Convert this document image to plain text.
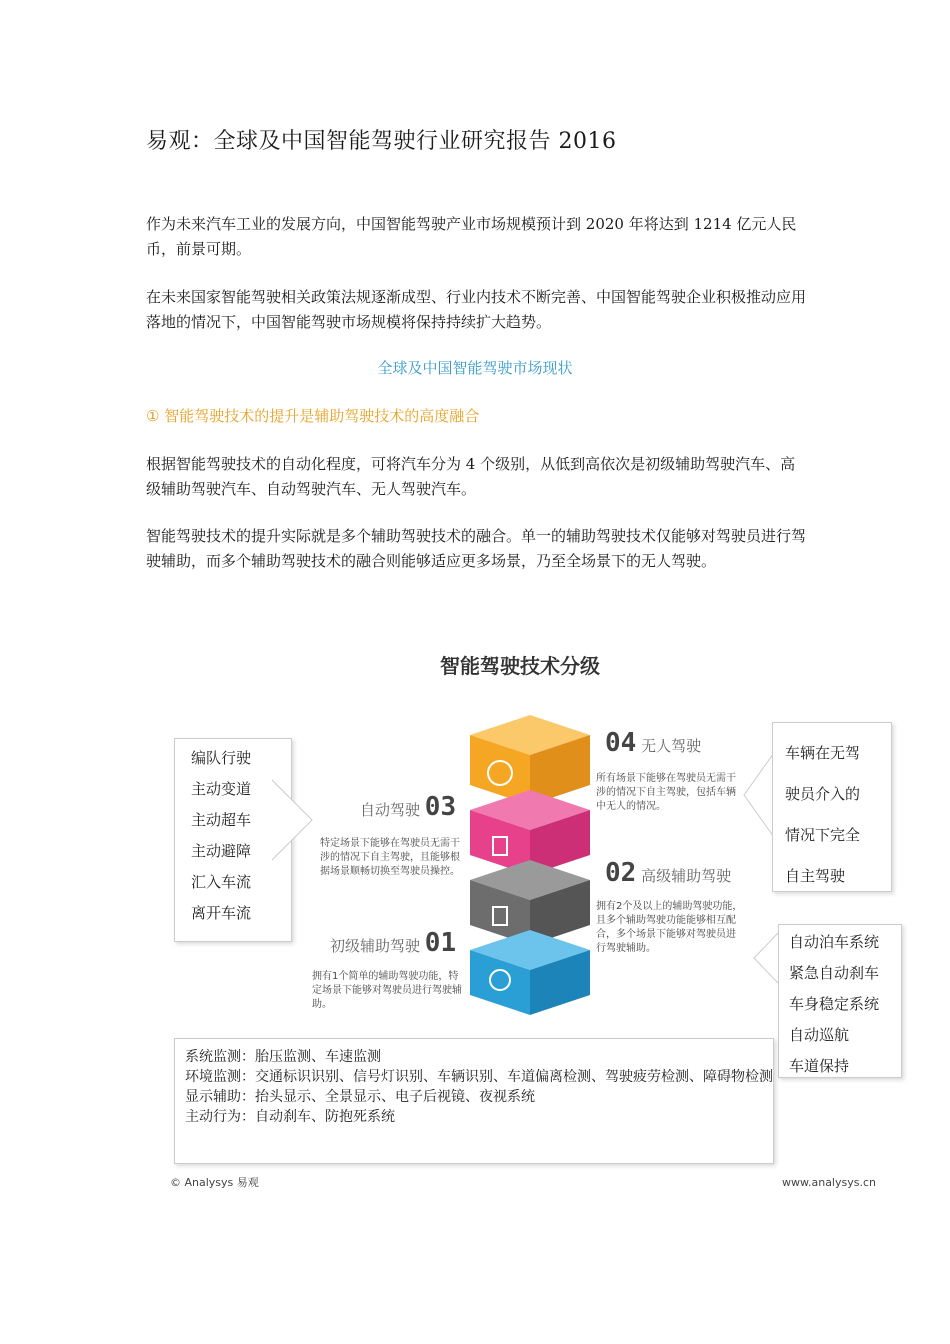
易观：全球及中国智能驾驶行业研究报告 2016
作为未来汽车工业的发展方向，中国智能驾驶产业市场规模预计到 2020 年将达到 1214 亿元人民币，前景可期。
在未来国家智能驾驶相关政策法规逐渐成型、行业内技术不断完善、中国智能驾驶企业积极推动应用落地的情况下，中国智能驾驶市场规模将保持持续扩大趋势。
全球及中国智能驾驶市场现状
① 智能驾驶技术的提升是辅助驾驶技术的高度融合
根据智能驾驶技术的自动化程度，可将汽车分为 4 个级别，从低到高依次是初级辅助驾驶汽车、高级辅助驾驶汽车、自动驾驶汽车、无人驾驶汽车。
智能驾驶技术的提升实际就是多个辅助驾驶技术的融合。单一的辅助驾驶技术仅能够对驾驶员进行驾驶辅助，而多个辅助驾驶技术的融合则能够适应更多场景，乃至全场景下的无人驾驶。
智能驾驶技术分级
编队行驶
主动变道
主动超车
主动避障
汇入车流
离开车流
04 无人驾驶
所有场景下能够在驾驶员无需干涉的情况下自主驾驶，包括车辆中无人的情况。
自动驾驶 03
特定场景下能够在驾驶员无需干涉的情况下自主驾驶，且能够根据场景顺畅切换至驾驶员操控。	02 高级辅助驾驶
拥有2个及以上的辅助驾驶功能，且多个辅助驾驶功能能够相互配合，多个场景下能够对驾驶员进行驾驶辅助。
初级辅助驾驶 01
拥有1个简单的辅助驾驶功能，特定场景下能够对驾驶员进行驾驶辅助。
车辆在无驾
驶员介入的
情况下完全
自主驾驶
自动泊车系统
紧急自动刹车
车身稳定系统
自动巡航
车道保持
系统监测：胎压监测、车速监测
环境监测：交通标识识别、信号灯识别、车辆识别、车道偏离检测、驾驶疲劳检测、障碍物检测
显示辅助：抬头显示、全景显示、电子后视镜、夜视系统
主动行为：自动刹车、防抱死系统
© Analysys 易观	www.analysys.cn
